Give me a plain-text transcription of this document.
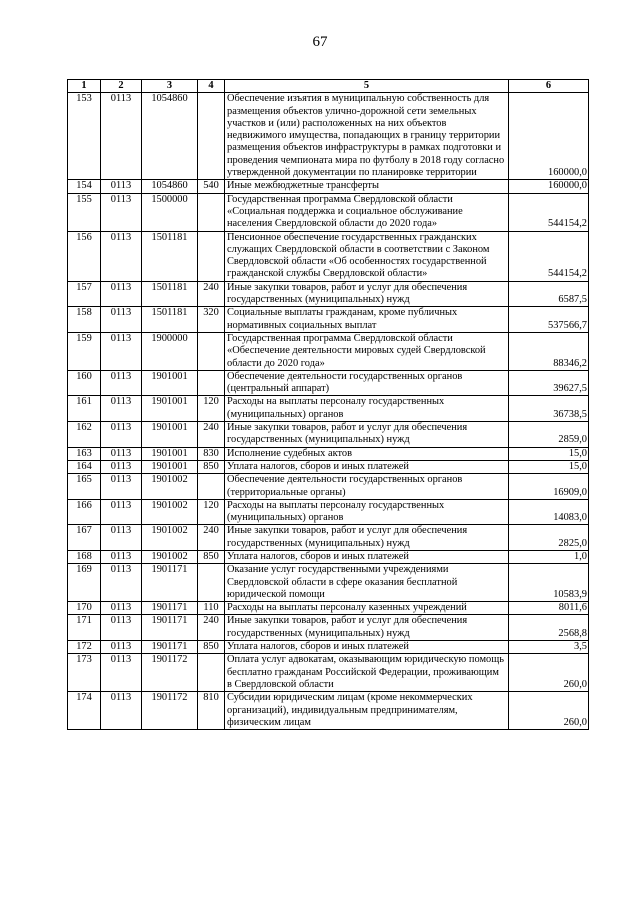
67
1	2	3	4	5	6
153	0113	1054860		Обеспечение изъятия в муниципальную собственность для размещения объектов улично-дорожной сети земельных участков и (или) расположенных на них объектов недвижимого имущества, попадающих в границу территории размещения объектов инфраструктуры в рамках подготовки и проведения чемпионата мира по футболу в 2018 году согласно утвержденной документации по планировке территории	160000,0
154	0113	1054860	540	Иные межбюджетные трансферты	160000,0
155	0113	1500000		Государственная программа Свердловской области «Социальная поддержка и социальное обслуживание населения Свердловской области до 2020 года»	544154,2
156	0113	1501181		Пенсионное обеспечение государственных гражданских служащих Свердловской области в соответствии с Законом Свердловской области «Об особенностях государственной гражданской службы Свердловской области»	544154,2
157	0113	1501181	240	Иные закупки товаров, работ и услуг для обеспечения государственных (муниципальных) нужд	6587,5
158	0113	1501181	320	Социальные выплаты гражданам, кроме публичных нормативных социальных выплат	537566,7
159	0113	1900000		Государственная программа Свердловской области «Обеспечение деятельности мировых судей Свердловской области до 2020 года»	88346,2
160	0113	1901001		Обеспечение деятельности государственных органов (центральный аппарат)	39627,5
161	0113	1901001	120	Расходы на выплаты персоналу государственных (муниципальных) органов	36738,5
162	0113	1901001	240	Иные закупки товаров, работ и услуг для обеспечения государственных (муниципальных) нужд	2859,0
163	0113	1901001	830	Исполнение судебных актов	15,0
164	0113	1901001	850	Уплата налогов, сборов и иных платежей	15,0
165	0113	1901002		Обеспечение деятельности государственных органов (территориальные органы)	16909,0
166	0113	1901002	120	Расходы на выплаты персоналу государственных (муниципальных) органов	14083,0
167	0113	1901002	240	Иные закупки товаров, работ и услуг для обеспечения государственных (муниципальных) нужд	2825,0
168	0113	1901002	850	Уплата налогов, сборов и иных платежей	1,0
169	0113	1901171		Оказание услуг государственными учреждениями Свердловской области в сфере оказания бесплатной юридической помощи	10583,9
170	0113	1901171	110	Расходы на выплаты персоналу казенных учреждений	8011,6
171	0113	1901171	240	Иные закупки товаров, работ и услуг для обеспечения государственных (муниципальных) нужд	2568,8
172	0113	1901171	850	Уплата налогов, сборов и иных платежей	3,5
173	0113	1901172		Оплата услуг адвокатам, оказывающим юридическую помощь бесплатно гражданам Российской Федерации, проживающим в Свердловской области	260,0
174	0113	1901172	810	Субсидии юридическим лицам (кроме некоммерческих организаций), индивидуальным предпринимателям, физическим лицам	260,0
